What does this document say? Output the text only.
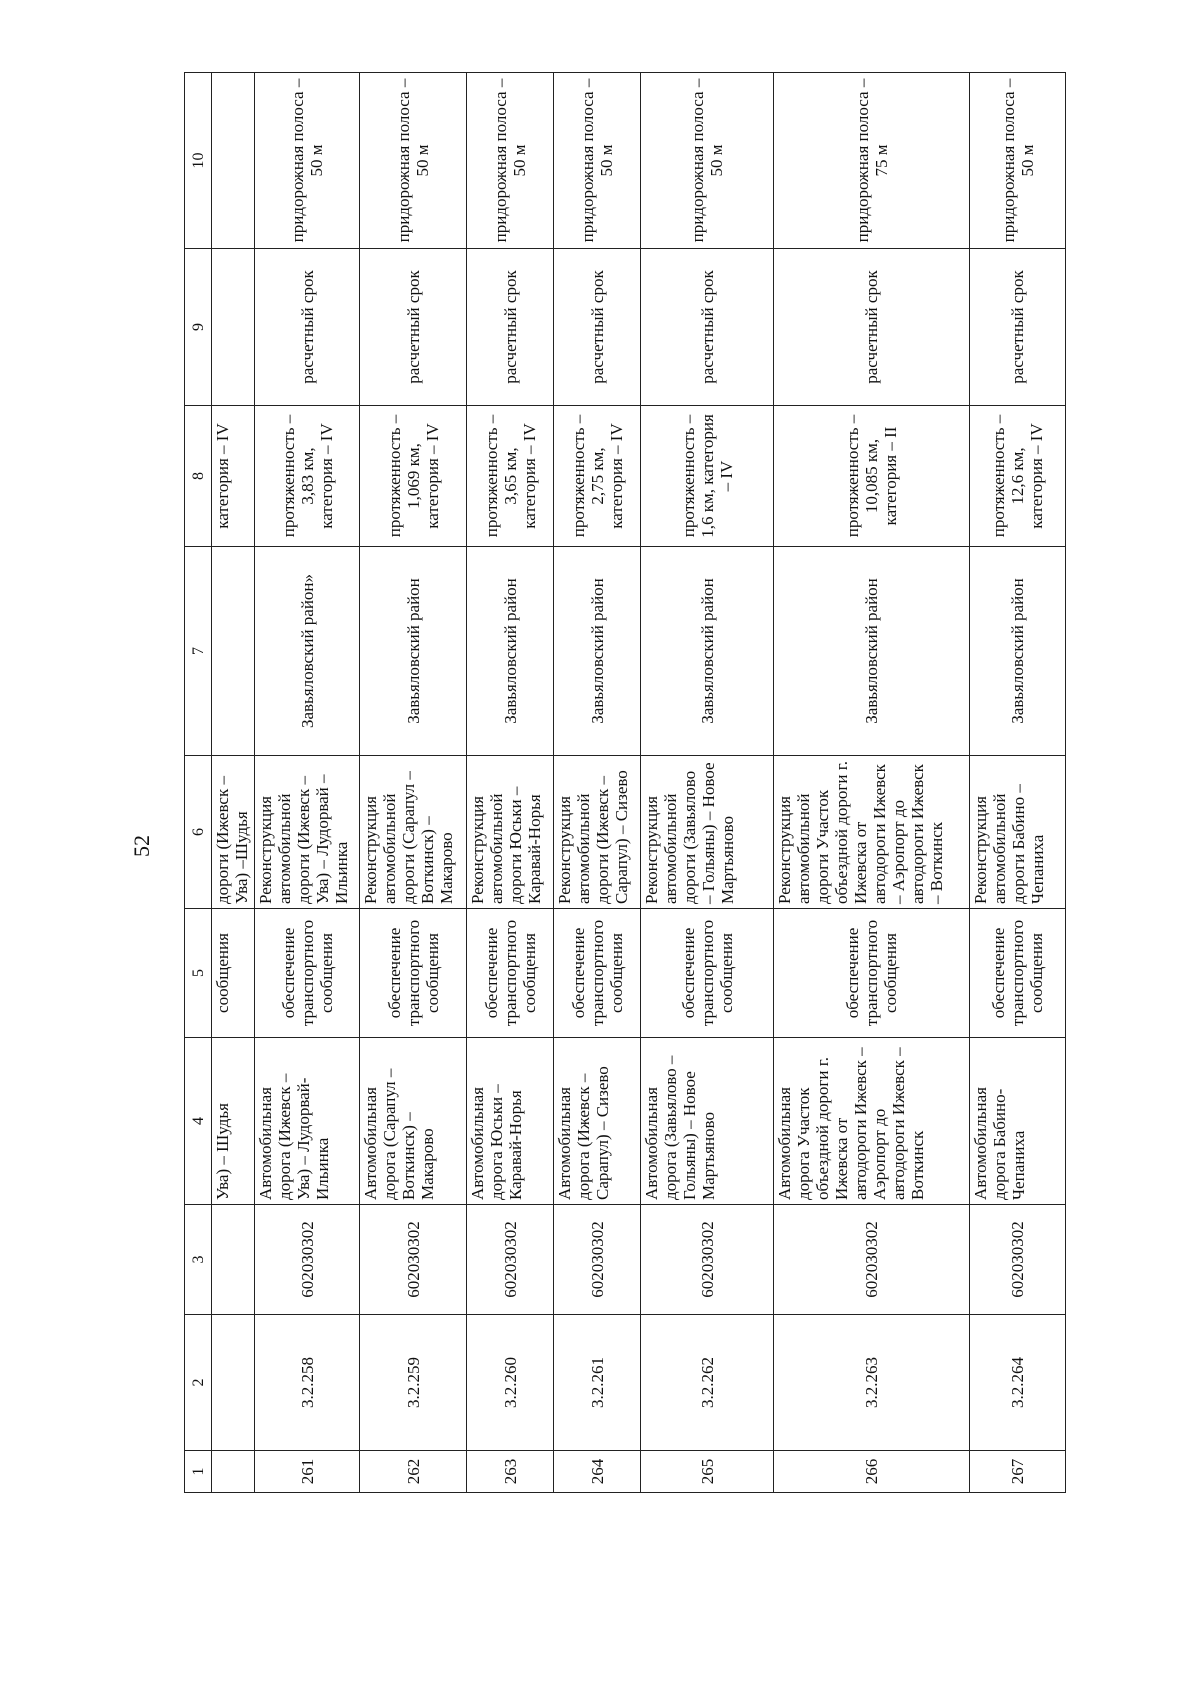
52
1	2	3	4	5	6	7	8	9	10
			Ува) – Шудья	сообщения	дороги (Ижевск – Ува) –Шудья		категория – IV		
261	3.2.258	602030302	Автомобильная дорога (Ижевск – Ува) – Лудорвай-Ильинка	обеспечение транспортного сообщения	Реконструкция автомобильной дороги (Ижевск – Ува) – Лудорвай – Ильинка	Завьяловский район»	протяженность – 3,83 км, категория – IV	расчетный срок	придорожная полоса – 50 м
262	3.2.259	602030302	Автомобильная дорога (Сарапул – Воткинск) – Макарово	обеспечение транспортного сообщения	Реконструкция автомобильной дороги (Сарапул – Воткинск) – Макарово	Завьяловский район	протяженность – 1,069 км, категория – IV	расчетный срок	придорожная полоса – 50 м
263	3.2.260	602030302	Автомобильная дорога Юськи – Каравай-Норья	обеспечение транспортного сообщения	Реконструкция автомобильной дороги Юськи – Каравай-Норья	Завьяловский район	протяженность – 3,65 км, категория – IV	расчетный срок	придорожная полоса – 50 м
264	3.2.261	602030302	Автомобильная дорога (Ижевск – Сарапул) – Сизево	обеспечение транспортного сообщения	Реконструкция автомобильной дороги (Ижевск – Сарапул) – Сизево	Завьяловский район	протяженность – 2,75 км, категория – IV	расчетный срок	придорожная полоса – 50 м
265	3.2.262	602030302	Автомобильная дорога (Завьялово – Гольяны) – Новое Мартьяново	обеспечение транспортного сообщения	Реконструкция автомобильной дороги (Завьялово – Гольяны) – Новое Мартьяново	Завьяловский район	протяженность – 1,6 км, категория – IV	расчетный срок	придорожная полоса – 50 м
266	3.2.263	602030302	Автомобильная дорога Участок объездной дороги г. Ижевска от автодороги Ижевск – Аэропорт до автодороги Ижевск – Воткинск	обеспечение транспортного сообщения	Реконструкция автомобильной дороги Участок объездной дороги г. Ижевска от автодороги Ижевск – Аэропорт до автодороги Ижевск – Воткинск	Завьяловский район	протяженность – 10,085 км, категория – II	расчетный срок	придорожная полоса – 75 м
267	3.2.264	602030302	Автомобильная дорога Бабино-Чепаниха	обеспечение транспортного сообщения	Реконструкция автомобильной дороги Бабино – Чепаниха	Завьяловский район	протяженность – 12,6 км, категория – IV	расчетный срок	придорожная полоса – 50 м
